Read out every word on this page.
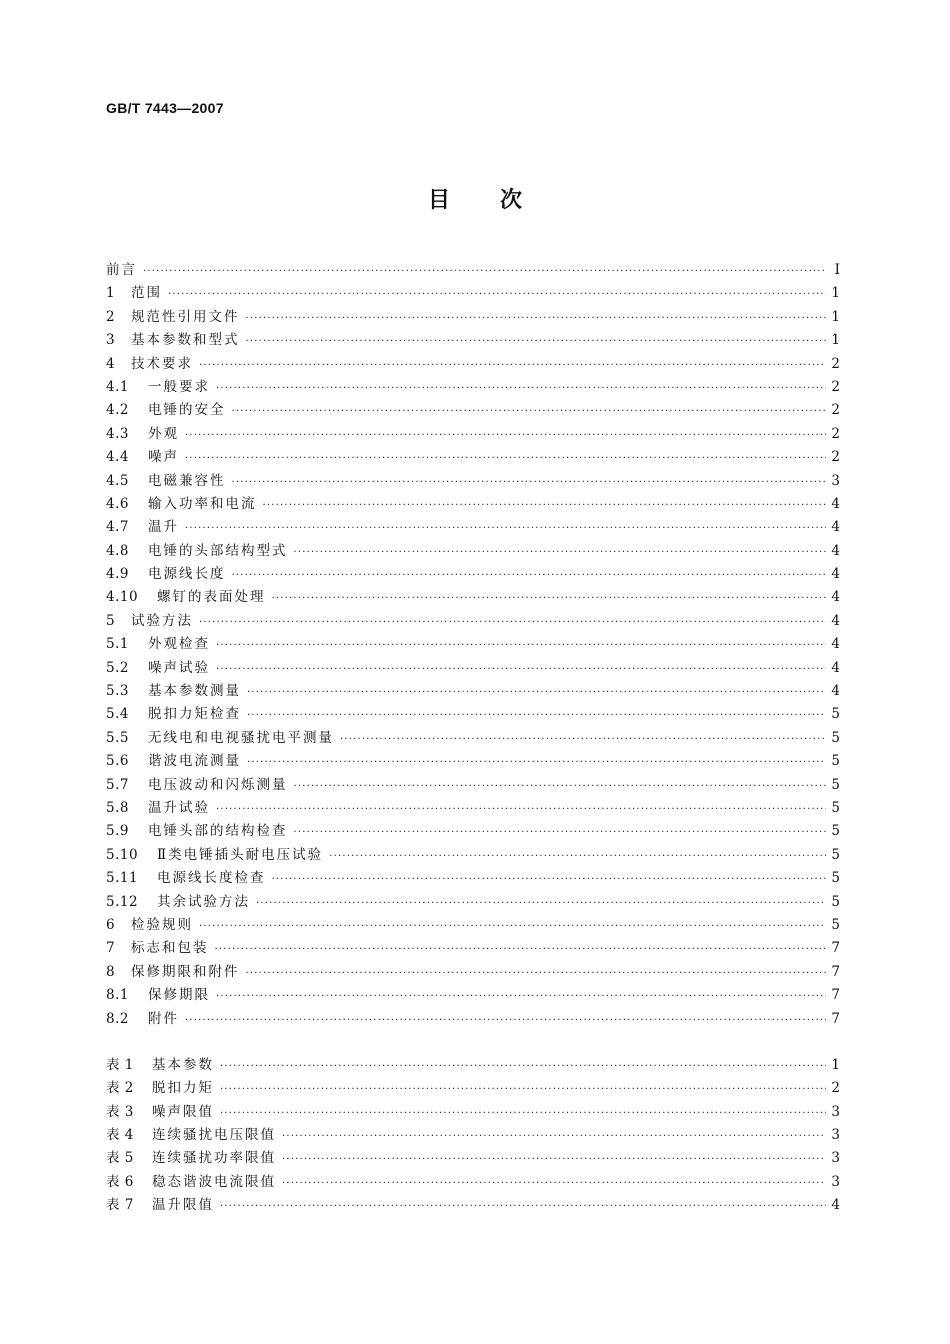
GB/T 7443—2007
目 次
前言 ·····	I
1	范围 ·····	1
2	规范性引用文件 ·····	1
3	基本参数和型式 ·····	1
4	技术要求 ·····	2
4.1	一般要求 ·····	2
4.2	电锤的安全 ·····	2
4.3	外观 ·····	2
4.4	噪声 ·····	2
4.5	电磁兼容性 ·····	3
4.6	输入功率和电流 ·····	4
4.7	温升 ·····	4
4.8	电锤的头部结构型式 ·····	4
4.9	电源线长度 ·····	4
4.10	螺钉的表面处理 ·····	4
5	试验方法 ·····	4
5.1	外观检查 ·····	4
5.2	噪声试验 ·····	4
5.3	基本参数测量 ·····	4
5.4	脱扣力矩检查 ·····	5
5.5	无线电和电视骚扰电平测量 ·····	5
5.6	谐波电流测量 ·····	5
5.7	电压波动和闪烁测量 ·····	5
5.8	温升试验 ·····	5
5.9	电锤头部的结构检查 ·····	5
5.10	Ⅱ类电锤插头耐电压试验 ·····	5
5.11	电源线长度检查 ·····	5
5.12	其余试验方法 ·····	5
6	检验规则 ·····	5
7	标志和包装 ·····	7
8	保修期限和附件 ·····	7
8.1	保修期限 ·····	7
8.2	附件 ·····	7
表 1	基本参数 ·····	1
表 2	脱扣力矩 ·····	2
表 3	噪声限值 ·····	3
表 4	连续骚扰电压限值 ·····	3
表 5	连续骚扰功率限值 ·····	3
表 6	稳态谐波电流限值 ·····	3
表 7	温升限值 ·····	4
